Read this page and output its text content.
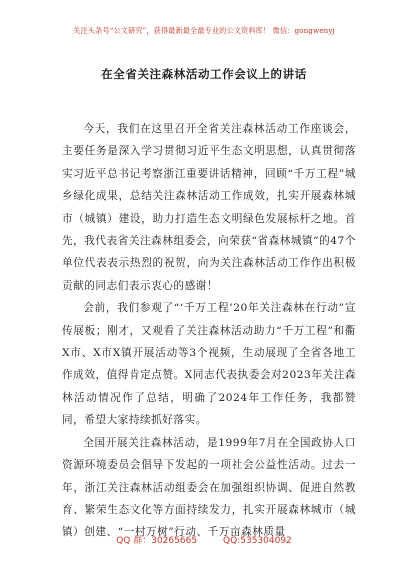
关注头条号“公文研究”，获得最新最全最专业的公文资料库！ 微信：gongwenyj
在全省关注森林活动工作会议上的讲话

今天，我们在这里召开全省关注森林活动工作座谈会，主要任务是深入学习贯彻习近平生态文明思想，认真贯彻落实习近平总书记考察浙江重要讲话精神，回顾“千万工程”城乡绿化成果，总结关注森林活动工作成效，扎实开展森林城市（城镇）建设，助力打造生态文明绿色发展标杆之地。首先，我代表省关注森林组委会，向荣获“省森林城镇”的47个单位代表表示热烈的祝贺，向为关注森林活动工作作出积极贡献的同志们表示衷心的感谢！

会前，我们参观了“‘千万工程’20年关注森林在行动”宣传展板；刚才，又观看了关注森林活动助力“千万工程”和衢X市、X市X镇开展活动等3个视频，生动展现了全省各地工作成效，值得肯定点赞。X同志代表执委会对2023年关注森林活动情况作了总结，明确了2024年工作任务，我都赞同，希望大家持续抓好落实。

全国开展关注森林活动，是1999年7月在全国政协人口资源环境委员会倡导下发起的一项社会公益性活动。过去一年，浙江关注森林活动组委会在加强组织协调、促进自然教育、繁荣生态文化等方面持续发力，扎实开展森林城市（城镇）创建、“一村万树”行动、千万亩森林质量

QQ 群：30265665	QQ:535304092
